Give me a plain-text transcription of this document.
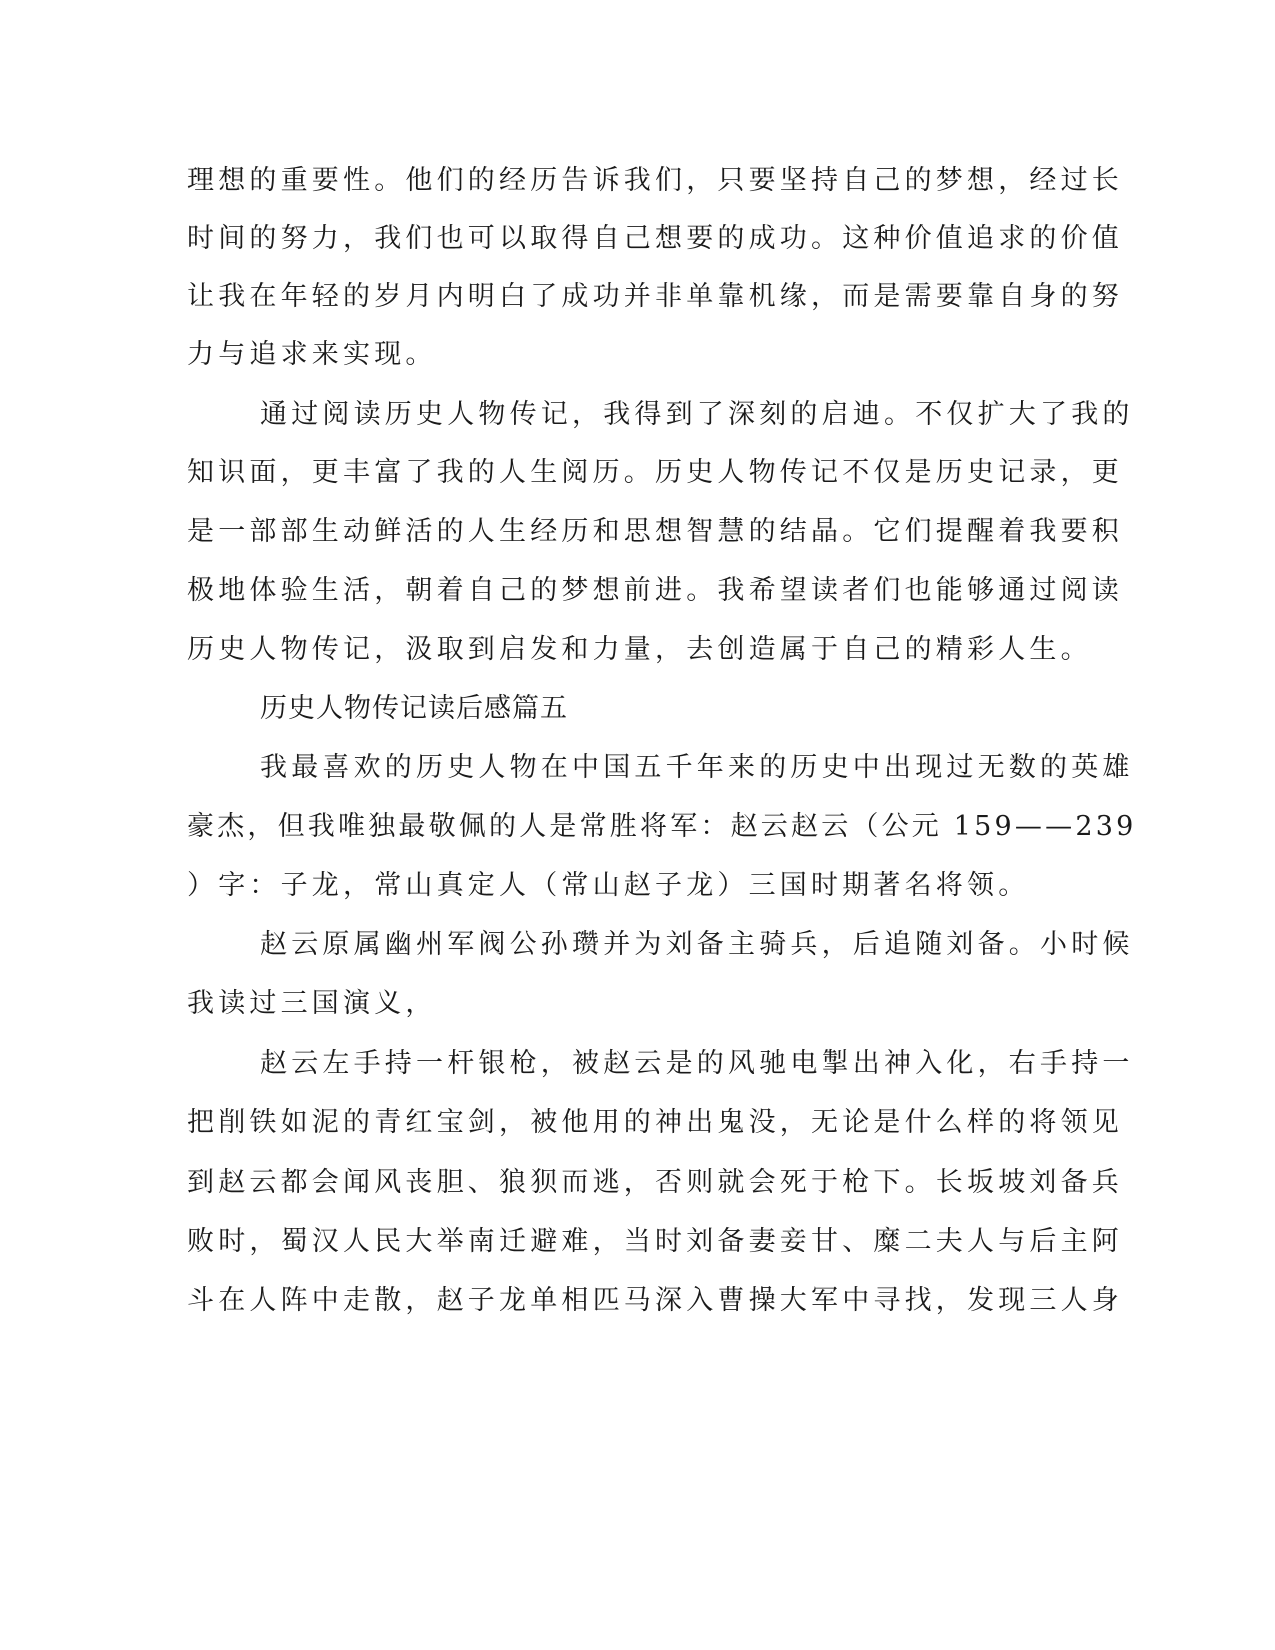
理想的重要性。他们的经历告诉我们，只要坚持自己的梦想，经过长

时间的努力，我们也可以取得自己想要的成功。这种价值追求的价值

让我在年轻的岁月内明白了成功并非单靠机缘，而是需要靠自身的努

力与追求来实现。

通过阅读历史人物传记，我得到了深刻的启迪。不仅扩大了我的

知识面，更丰富了我的人生阅历。历史人物传记不仅是历史记录，更

是一部部生动鲜活的人生经历和思想智慧的结晶。它们提醒着我要积

极地体验生活，朝着自己的梦想前进。我希望读者们也能够通过阅读

历史人物传记，汲取到启发和力量，去创造属于自己的精彩人生。

历史人物传记读后感篇五

我最喜欢的历史人物在中国五千年来的历史中出现过无数的英雄

豪杰，但我唯独最敬佩的人是常胜将军：赵云赵云（公元 159——239

）字：子龙，常山真定人（常山赵子龙）三国时期著名将领。

赵云原属幽州军阀公孙瓒并为刘备主骑兵，后追随刘备。小时候

我读过三国演义，

赵云左手持一杆银枪，被赵云是的风驰电掣出神入化，右手持一

把削铁如泥的青红宝剑，被他用的神出鬼没，无论是什么样的将领见

到赵云都会闻风丧胆、狼狈而逃，否则就会死于枪下。长坂坡刘备兵

败时，蜀汉人民大举南迁避难，当时刘备妻妾甘、糜二夫人与后主阿

斗在人阵中走散，赵子龙单相匹马深入曹操大军中寻找，发现三人身
